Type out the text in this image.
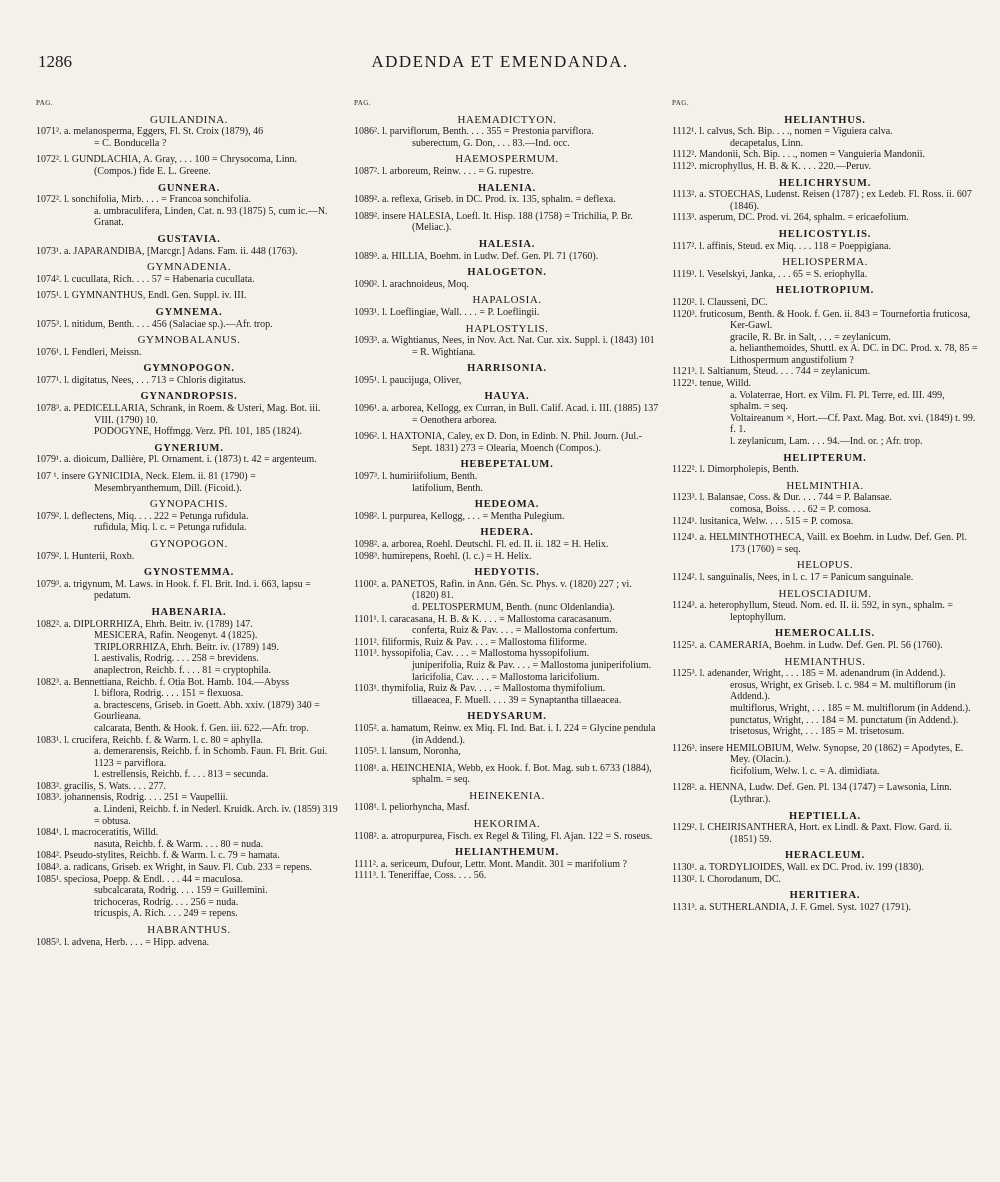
1286	ADDENDA ET EMENDANDA.
PAG.
GUILANDINA.
1071². a. melanosperma, Eggers, Fl. St. Croix (1879), 46
= C. Bonducella ?
1072². l. GUNDLACHIA, A. Gray, . . . 100 = Chrysocoma, Linn. (Compos.) fide E. L. Greene.
GUNNERA.
1072². l. sonchifolia, Mirb. . . . = Francoa sonchifolia.
a. umbraculifera, Linden, Cat. n. 93 (1875) 5, cum ic.—N. Granat.
GUSTAVIA.
1073¹. a. JAPARANDIBA, [Marcgr.] Adans. Fam. ii. 448 (1763).
GYMNADENIA.
1074². l. cucullata, Rich. . . . 57 = Habenaria cucullata.
1075¹. l. GYMNANTHUS, Endl. Gen. Suppl. iv. III.
GYMNEMA.
1075³. l. nitidum, Benth. . . . 456 (Salaciae sp.).—Afr. trop.
GYMNOBALANUS.
1076¹. l. Fendleri, Meissn.
GYMNOPOGON.
1077¹. l. digitatus, Nees, . . . 713 = Chloris digitatus.
GYNANDROPSIS.
1078³. a. PEDICELLARIA, Schrank, in Roem. & Usteri, Mag. Bot. iii. VIII. (1790) 10.
PODOGYNE, Hoffmgg. Verz. Pfl. 101, 185 (1824).
GYNERIUM.
1079¹. a. dioicum, Dallière, Pl. Ornament. i. (1873) t. 42 = argenteum.
107 ¹. insere GYNICIDIA, Neck. Elem. ii. 81 (1790) = Mesembryanthemum, Dill. (Ficoid.).
GYNOPACHIS.
1079². l. deflectens, Miq. . . . 222 = Petunga rufidula.
rufidula, Miq. l. c. = Petunga rufidula.
GYNOPOGON.
1079². l. Hunterii, Roxb.
GYNOSTEMMA.
1079³. a. trigynum, M. Laws. in Hook. f. Fl. Brit. Ind. i. 663, lapsu = pedatum.
HABENARIA.
1082². a. DIPLORRHIZA, Ehrh. Beitr. iv. (1789) 147.
MESICERA, Rafin. Neogenyt. 4 (1825).
TRIPLORRHIZA, Ehrh. Beitr. iv. (1789) 149.
l. aestivalis, Rodrig. . . . 258 = brevidens.
anaplectron, Reichb. f. . . . 81 = cryptophila.
1082³. a. Bennettiana, Reichb. f. Otia Bot. Hamb. 104.—Abyss
l. biflora, Rodrig. . . . 151 = flexuosa.
a. bractescens, Griseb. in Goett. Abh. xxiv. (1879) 340 = Gourlieana.
calcarata, Benth. & Hook. f. Gen. iii. 622.—Afr. trop.
1083¹. l. crucifera, Reichb. f. & Warm. l. c. 80 = aphylla.
a. demerarensis, Reichb. f. in Schomb. Faun. Fl. Brit. Gui. 1123 = parviflora.
l. estrellensis, Reichb. f. . . . 813 = secunda.
1083². gracilis, S. Wats. . . . 277.
1083³. johannensis, Rodrig. . . . 251 = Vaupellii.
a. Lindeni, Reichb. f. in Nederl. Kruidk. Arch. iv. (1859) 319 = obtusa.
1084¹. l. macroceratitis, Willd.
nasuta, Reichb. f. & Warm. . . . 80 = nuda.
1084². Pseudo-stylites, Reichb. f. & Warm. l. c. 79 = hamata.
1084³. a. radicans, Griseb. ex Wright, in Sauv. Fl. Cub. 233 = repens.
1085¹. speciosa, Poepp. & Endl. . . . 44 = maculosa.
subcalcarata, Rodrig. . . . 159 = Guillemini.
trichoceras, Rodrig. . . . 256 = nuda.
tricuspis, A. Rich. . . . 249 = repens.
HABRANTHUS.
1085³. l. advena, Herb. . . . = Hipp. advena.
PAG.
HAEMADICTYON.
1086². l. parviflorum, Benth. . . . 355 = Prestonia parviflora.
suberectum, G. Don, . . . 83.—Ind. occ.
HAEMOSPERMUM.
1087². l. arboreum, Reinw. . . . = G. rupestre.
HALENIA.
1089². a. reflexa, Griseb. in DC. Prod. ix. 135, sphalm. = deflexa.
1089². insere HALESIA, Loefl. It. Hisp. 188 (1758) = Trichilia, P. Br. (Meliac.).
HALESIA.
1089³. a. HILLIA, Boehm. in Ludw. Def. Gen. Pl. 71 (1760).
HALOGETON.
1090². l. arachnoideus, Moq.
HAPALOSIA.
1093¹. l. Loeflingiae, Wall. . . . = P. Loeflingii.
HAPLOSTYLIS.
1093³. a. Wightianus, Nees, in Nov. Act. Nat. Cur. xix. Suppl. i. (1843) 101 = R. Wightiana.
HARRISONIA.
1095¹. l. paucijuga, Oliver,
HAUYA.
1096¹. a. arborea, Kellogg, ex Curran, in Bull. Calif. Acad. i. III. (1885) 137 = Oenothera arborea.
1096². l. HAXTONIA, Caley, ex D. Don, in Edinb. N. Phil. Journ. (Jul.-Sept. 1831) 273 = Olearia, Moench (Compos.).
HEBEPETALUM.
1097³. l. humiriifolium, Benth.
latifolium, Benth.
HEDEOMA.
1098². l. purpurea, Kellogg, . . . = Mentha Pulegium.
HEDERA.
1098². a. arborea, Roehl. Deutschl. Fl. ed. II. ii. 182 = H. Helix.
1098³. humirepens, Roehl. (l. c.) = H. Helix.
HEDYOTIS.
1100². a. PANETOS, Rafin. in Ann. Gén. Sc. Phys. v. (1820) 227 ; vi. (1820) 81.
d. PELTOSPERMUM, Benth. (nunc Oldenlandia).
1101¹. l. caracasana, H. B. & K. . . . = Mallostoma caracasanum.
conferta, Ruiz & Pav. . . . = Mallostoma confertum.
1101². filiformis, Ruiz & Pav. . . . = Mallostoma filiforme.
1101³. hyssopifolia, Cav. . . . = Mallostoma hyssopifolium.
juniperifolia, Ruiz & Pav. . . . = Mallostoma juniperifolium.
laricifolia, Cav. . . . = Mallostoma laricifolium.
1103¹. thymifolia, Ruiz & Pav. . . . = Mallostoma thymifolium.
tillaeacea, F. Muell. . . . 39 = Synaptantha tillaeacea.
HEDYSARUM.
1105². a. hamatum, Reinw. ex Miq. Fl. Ind. Bat. i. I. 224 = Glycine pendula (in Addend.).
1105³. l. lansum, Noronha,
1108¹. a. HEINCHENIA, Webb, ex Hook. f. Bot. Mag. sub t. 6733 (1884), sphalm. = seq.
HEINEKENIA.
1108¹. l. peliorhyncha, Masf.
HEKORIMA.
1108². a. atropurpurea, Fisch. ex Regel & Tiling, Fl. Ajan. 122 = S. roseus.
HELIANTHEMUM.
1111². a. sericeum, Dufour, Lettr. Mont. Mandit. 301 = marifolium ?
1111³. l. Teneriffae, Coss. . . . 56.
PAG.
HELIANTHUS.
1112¹. l. calvus, Sch. Bip. . . ., nomen = Viguiera calva.
decapetalus, Linn.
1112². Mandonii, Sch. Bip. . . ., nomen = Vanguieria Mandonii.
1112³. microphyllus, H. B. & K. . . . 220.—Peruv.
HELICHRYSUM.
1113². a. STOECHAS, Ludenst. Reisen (1787) ; ex Ledeb. Fl. Ross. ii. 607 (1846).
1113³. asperum, DC. Prod. vi. 264, sphalm. = ericaefolium.
HELICOSTYLIS.
1117². l. affinis, Steud. ex Miq. . . . 118 = Poeppigiana.
HELIOSPERMA.
1119³. l. Veselskyi, Janka, . . . 65 = S. eriophylla.
HELIOTROPIUM.
1120². l. Clausseni, DC.
1120³. fruticosum, Benth. & Hook. f. Gen. ii. 843 = Tournefortia fruticosa, Ker-Gawl.
gracile, R. Br. in Salt, . . . = zeylanicum.
a. helianthemoides, Shuttl. ex A. DC. in DC. Prod. x. 78, 85 = Lithospermum angustifolium ?
1121³. l. Saltianum, Steud. . . . 744 = zeylanicum.
1122¹. tenue, Willd.
a. Volaterrae, Hort. ex Vilm. Fl. Pl. Terre, ed. III. 499, sphalm. = seq.
Voltaireanum ×, Hort.—Cf. Paxt. Mag. Bot. xvi. (1849) t. 99. f. 1.
l. zeylanicum, Lam. . . . 94.—Ind. or. ; Afr. trop.
HELIPTERUM.
1122². l. Dimorpholepis, Benth.
HELMINTHIA.
1123³. l. Balansae, Coss. & Dur. . . . 744 = P. Balansae.
comosa, Boiss. . . . 62 = P. comosa.
1124¹. lusitanica, Welw. . . . 515 = P. comosa.
1124¹. a. HELMINTHOTHECA, Vaill. ex Boehm. in Ludw. Def. Gen. Pl. 173 (1760) = seq.
HELOPUS.
1124². l. sanguinalis, Nees, in l. c. 17 = Panicum sanguinale.
HELOSCIADIUM.
1124³. a. heterophyllum, Steud. Nom. ed. II. ii. 592, in syn., sphalm. = leptophyllum.
HEMEROCALLIS.
1125². a. CAMERARIA, Boehm. in Ludw. Def. Gen. Pl. 56 (1760).
HEMIANTHUS.
1125³. l. adenander, Wright, . . . 185 = M. adenandrum (in Addend.).
erosus, Wright, ex Griseb. l. c. 984 = M. multiflorum (in Addend.).
multiflorus, Wright, . . . 185 = M. multiflorum (in Addend.).
punctatus, Wright, . . . 184 = M. punctatum (in Addend.).
trisetosus, Wright, . . . 185 = M. trisetosum.
1126³. insere HEMILOBIUM, Welw. Synopse, 20 (1862) = Apodytes, E. Mey. (Olacin.).
ficifolium, Welw. l. c. = A. dimidiata.
1128². a. HENNA, Ludw. Def. Gen. Pl. 134 (1747) = Lawsonia, Linn. (Lythrar.).
HEPTIELLA.
1129². l. CHEIRISANTHERA, Hort. ex Lindl. & Paxt. Flow. Gard. ii. (1851) 59.
HERACLEUM.
1130¹. a. TORDYLIOIDES, Wall. ex DC. Prod. iv. 199 (1830).
1130². l. Chorodanum, DC.
HERITIERA.
1131³. a. SUTHERLANDIA, J. F. Gmel. Syst. 1027 (1791).
